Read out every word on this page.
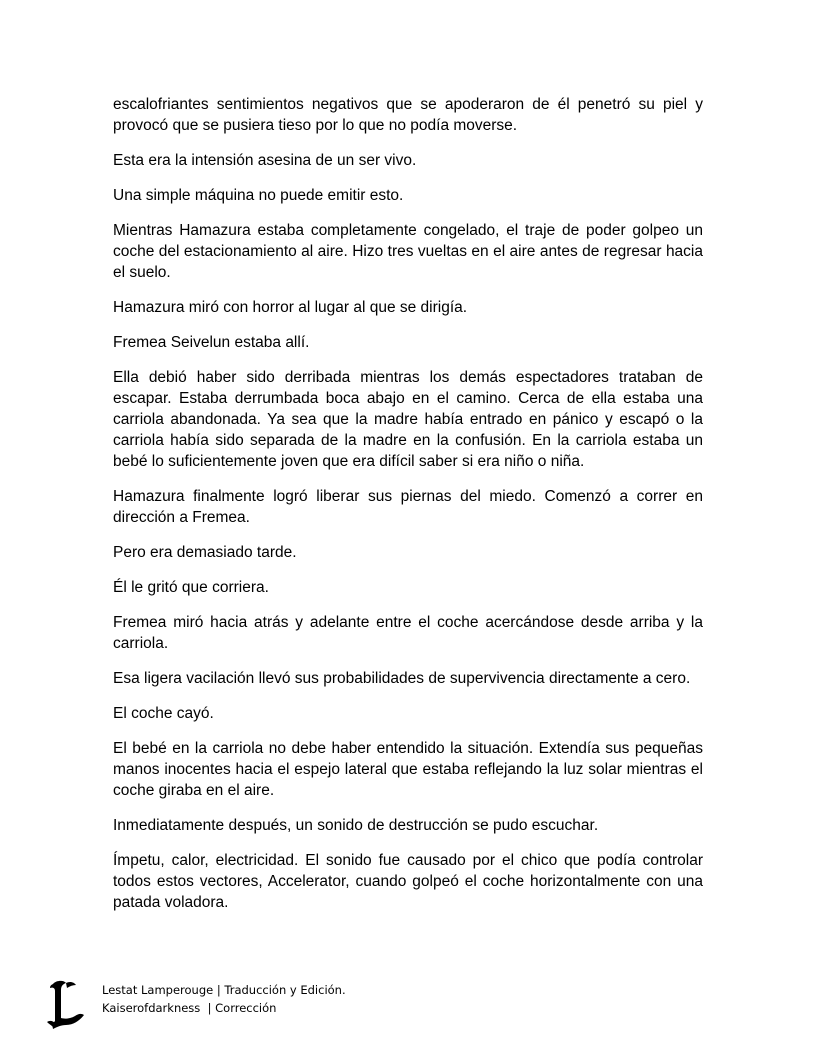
escalofriantes sentimientos negativos que se apoderaron de él penetró su piel y provocó que se pusiera tieso por lo que no podía moverse.

Esta era la intensión asesina de un ser vivo.

Una simple máquina no puede emitir esto.

Mientras Hamazura estaba completamente congelado, el traje de poder golpeo un coche del estacionamiento al aire. Hizo tres vueltas en el aire antes de regresar hacia el suelo.

Hamazura miró con horror al lugar al que se dirigía.

Fremea Seivelun estaba allí.

Ella debió haber sido derribada mientras los demás espectadores trataban de escapar. Estaba derrumbada boca abajo en el camino. Cerca de ella estaba una carriola abandonada. Ya sea que la madre había entrado en pánico y escapó o la carriola había sido separada de la madre en la confusión. En la carriola estaba un bebé lo suficientemente joven que era difícil saber si era niño o niña.

Hamazura finalmente logró liberar sus piernas del miedo. Comenzó a correr en dirección a Fremea.

Pero era demasiado tarde.

Él le gritó que corriera.

Fremea miró hacia atrás y adelante entre el coche acercándose desde arriba y la carriola.

Esa ligera vacilación llevó sus probabilidades de supervivencia directamente a cero.

El coche cayó.

El bebé en la carriola no debe haber entendido la situación. Extendía sus pequeñas manos inocentes hacia el espejo lateral que estaba reflejando la luz solar mientras el coche giraba en el aire.

Inmediatamente después, un sonido de destrucción se pudo escuchar.

Ímpetu, calor, electricidad. El sonido fue causado por el chico que podía controlar todos estos vectores, Accelerator, cuando golpeó el coche horizontalmente con una patada voladora.

Lestat Lamperouge | Traducción y Edición.
Kaiserofdarkness  | Corrección
